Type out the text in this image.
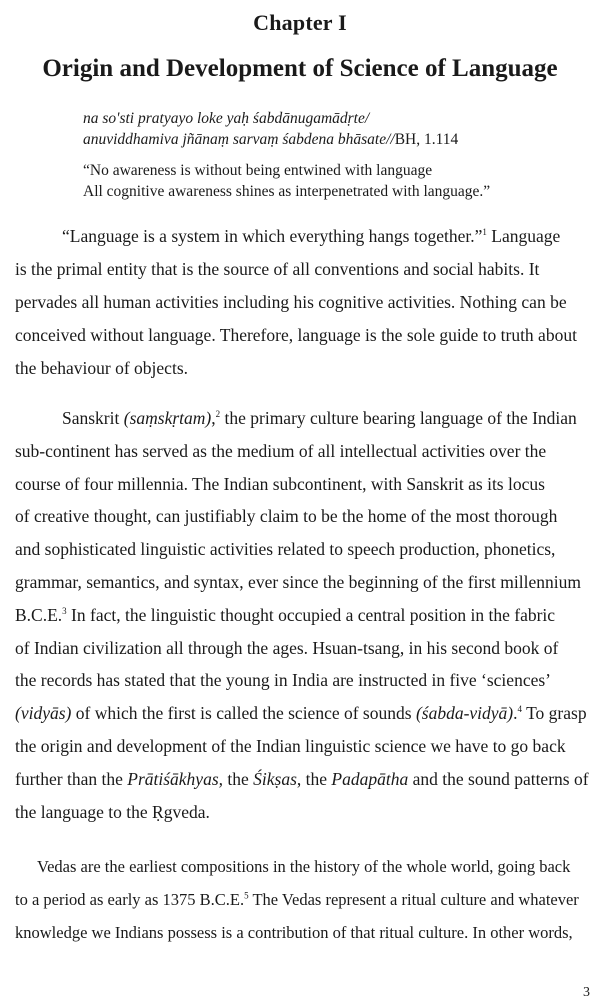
Chapter I
Origin and Development of Science of Language
na so'sti pratyayo loke yaḥ śabdānugamādṛte/
anuviddhamiva jñānaṃ sarvaṃ śabdena bhāsate//BH, 1.114
“No awareness is without being entwined with language
All cognitive awareness shines as interpenetrated with language.”
“Language is a system in which everything hangs together.”$^1$ Language
is the primal entity that is the source of all conventions and social habits. It
pervades all human activities including his cognitive activities. Nothing can be
conceived without language. Therefore, language is the sole guide to truth about
the behaviour of objects.
Sanskrit (saṃskṛtam),$^2$ the primary culture bearing language of the Indian
sub-continent has served as the medium of all intellectual activities over the
course of four millennia. The Indian subcontinent, with Sanskrit as its locus
of creative thought, can justifiably claim to be the home of the most thorough
and sophisticated linguistic activities related to speech production, phonetics,
grammar, semantics, and syntax, ever since the beginning of the first millennium
B.C.E.$^3$ In fact, the linguistic thought occupied a central position in the fabric
of Indian civilization all through the ages. Hsuan-tsang, in his second book of
the records has stated that the young in India are instructed in five ‘sciences’
(vidyās) of which the first is called the science of sounds (śabda-vidyā).$^4$ To grasp
the origin and development of the Indian linguistic science we have to go back
further than the Prātiśākhyas, the Śikṣas, the Padapātha and the sound patterns of
the language to the Ṛgveda.
Vedas are the earliest compositions in the history of the whole world, going back
to a period as early as 1375 B.C.E.$^5$ The Vedas represent a ritual culture and whatever
knowledge we Indians possess is a contribution of that ritual culture. In other words,
3
